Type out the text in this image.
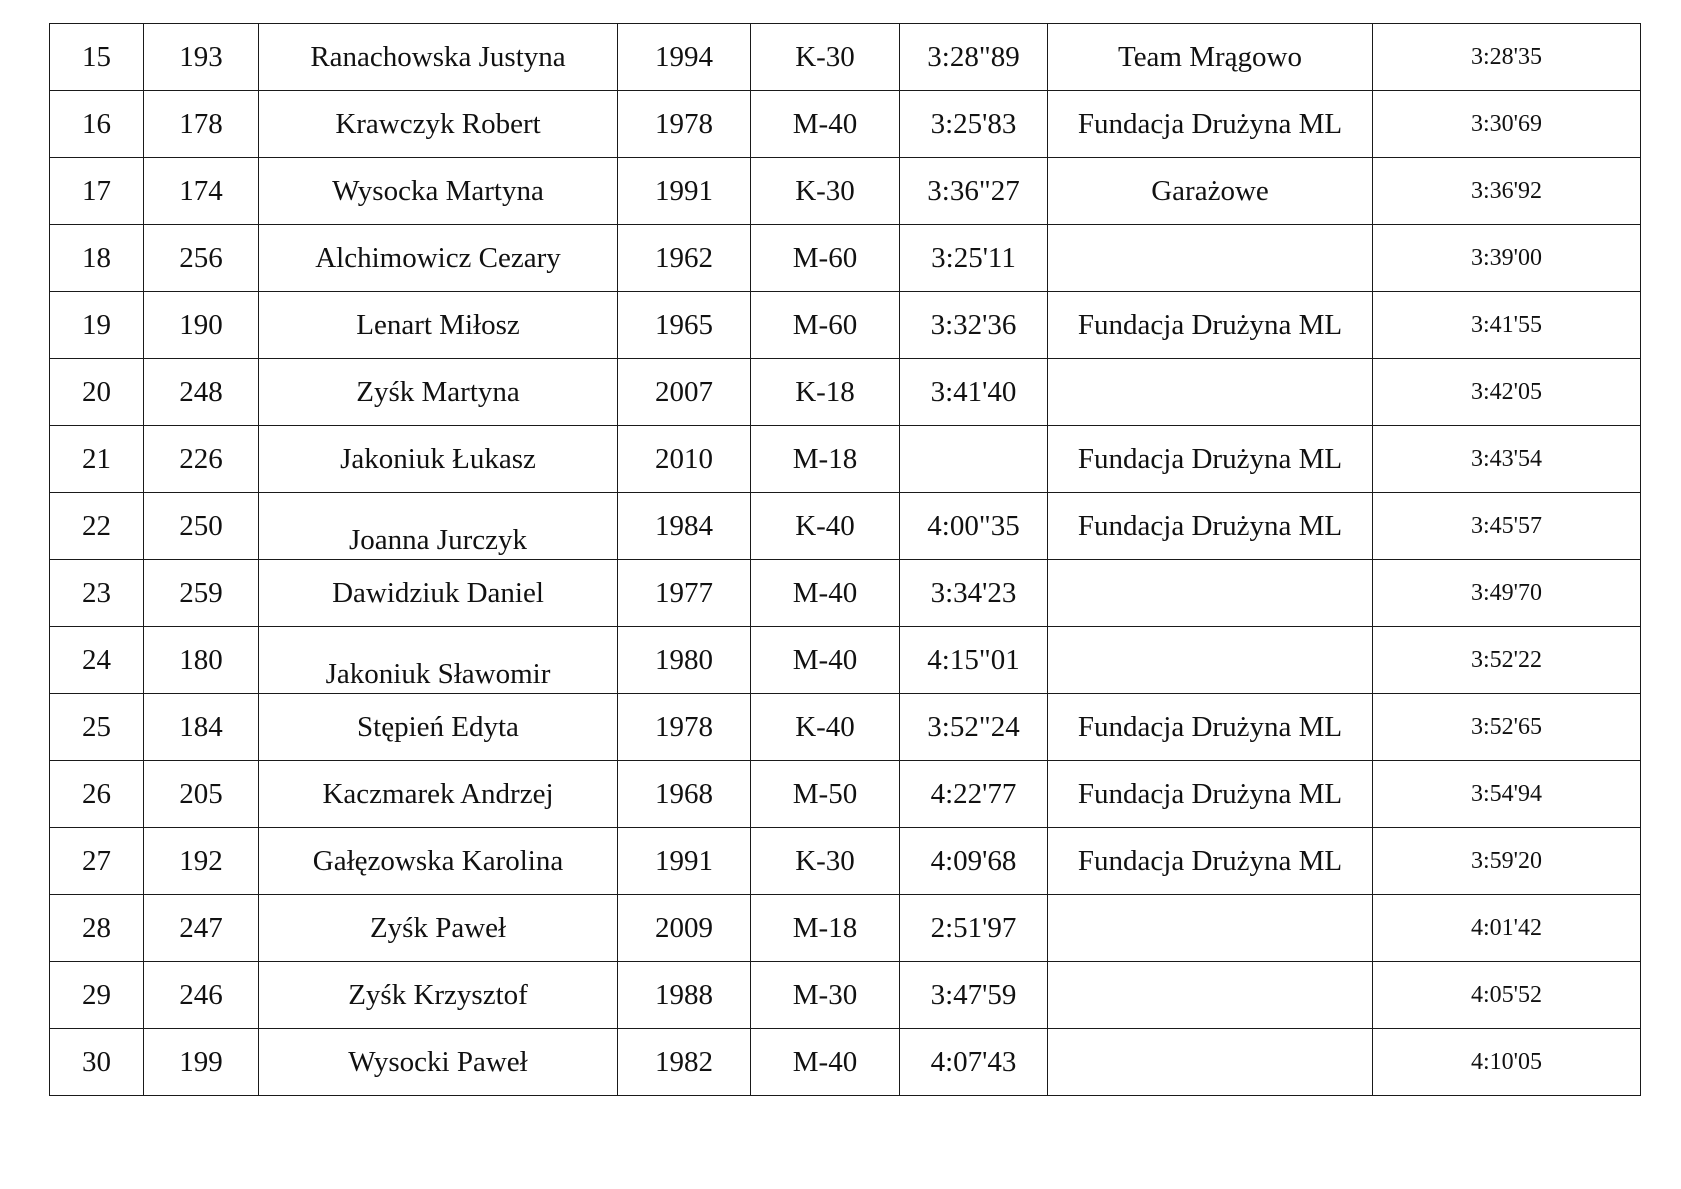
15	193	Ranachowska Justyna	1994	K-30	3:28"89	Team Mrągowo	3:28'35
16	178	Krawczyk Robert	1978	M-40	3:25'83	Fundacja Drużyna ML	3:30'69
17	174	Wysocka Martyna	1991	K-30	3:36"27	Garażowe	3:36'92
18	256	Alchimowicz Cezary	1962	M-60	3:25'11		3:39'00
19	190	Lenart Miłosz	1965	M-60	3:32'36	Fundacja Drużyna ML	3:41'55
20	248	Zyśk Martyna	2007	K-18	3:41'40		3:42'05
21	226	Jakoniuk Łukasz	2010	M-18		Fundacja Drużyna ML	3:43'54
22	250	Joanna Jurczyk	1984	K-40	4:00"35	Fundacja Drużyna ML	3:45'57
23	259	Dawidziuk Daniel	1977	M-40	3:34'23		3:49'70
24	180	Jakoniuk Sławomir	1980	M-40	4:15"01		3:52'22
25	184	Stępień Edyta	1978	K-40	3:52"24	Fundacja Drużyna ML	3:52'65
26	205	Kaczmarek Andrzej	1968	M-50	4:22'77	Fundacja Drużyna ML	3:54'94
27	192	Gałęzowska Karolina	1991	K-30	4:09'68	Fundacja Drużyna ML	3:59'20
28	247	Zyśk Paweł	2009	M-18	2:51'97		4:01'42
29	246	Zyśk Krzysztof	1988	M-30	3:47'59		4:05'52
30	199	Wysocki Paweł	1982	M-40	4:07'43		4:10'05
